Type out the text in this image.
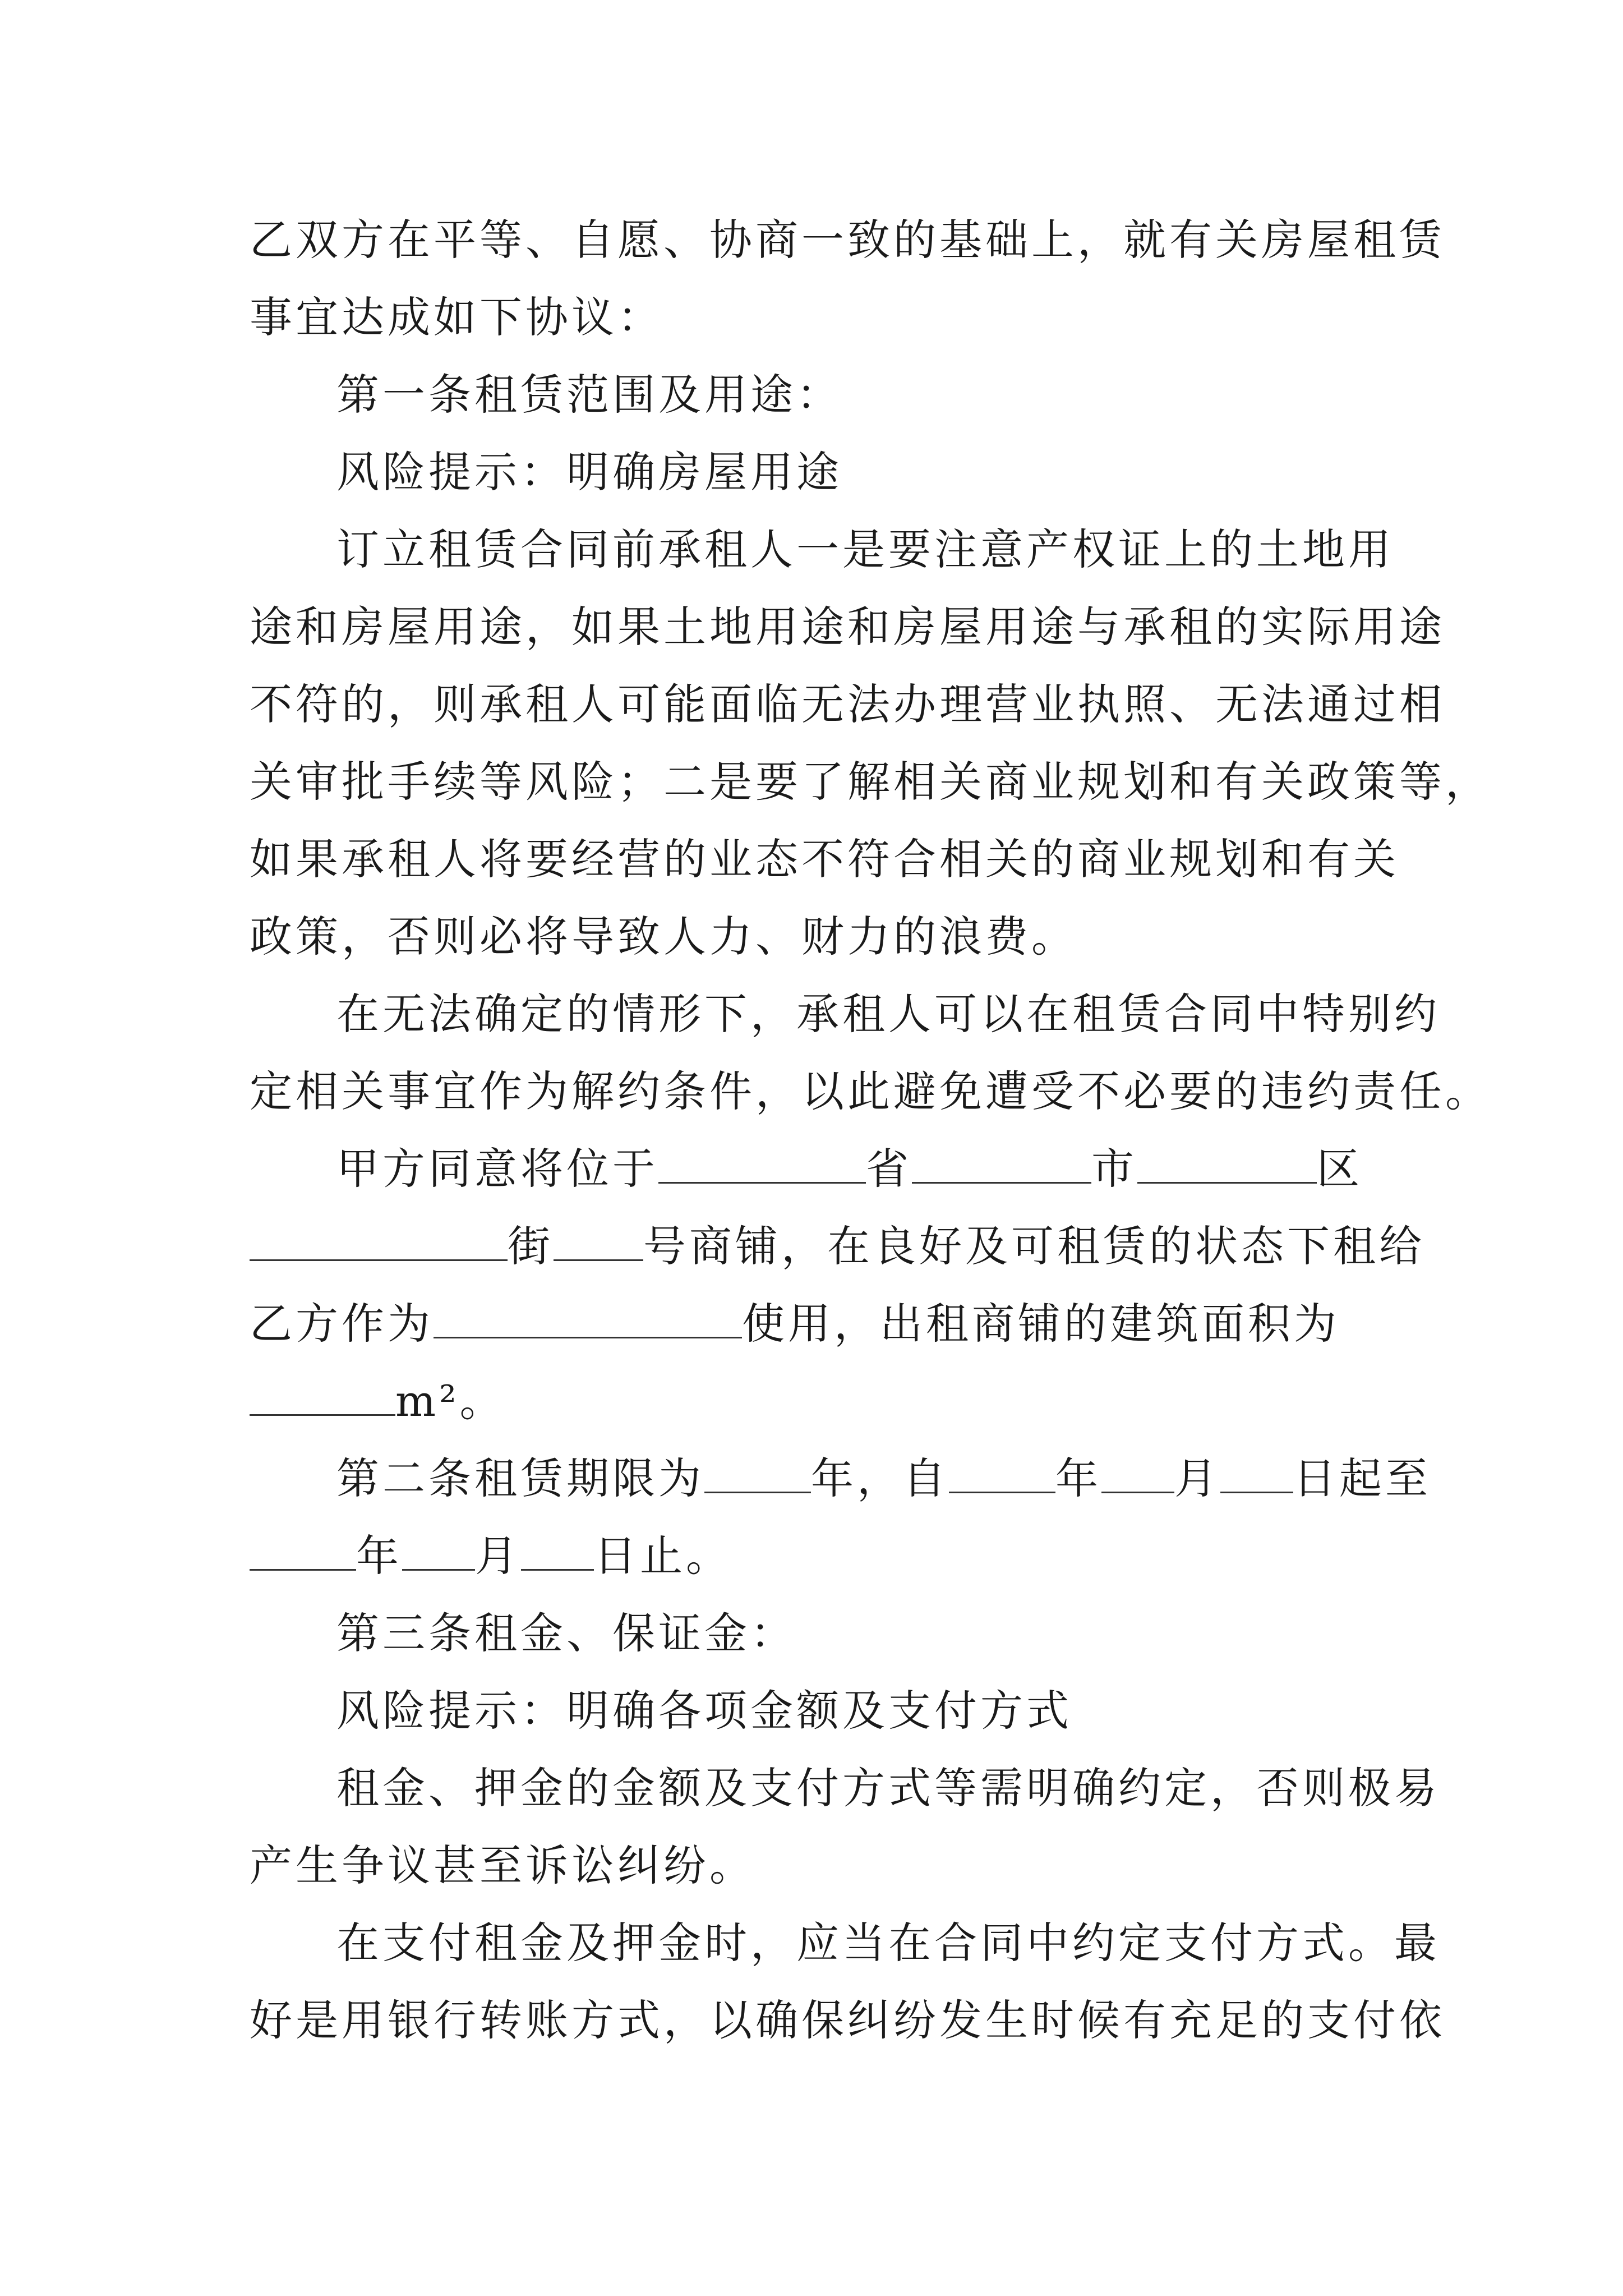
乙双方在平等、自愿、协商一致的基础上，就有关房屋租赁
事宜达成如下协议：
第一条租赁范围及用途：
风险提示：明确房屋用途
订立租赁合同前承租人一是要注意产权证上的土地用
途和房屋用途，如果土地用途和房屋用途与承租的实际用途
不符的，则承租人可能面临无法办理营业执照、无法通过相
关审批手续等风险；二是要了解相关商业规划和有关政策等，
如果承租人将要经营的业态不符合相关的商业规划和有关
政策，否则必将导致人力、财力的浪费。
在无法确定的情形下，承租人可以在租赁合同中特别约
定相关事宜作为解约条件，以此避免遭受不必要的违约责任。
甲方同意将位于	省	市	区
街 号商铺，在良好及可租赁的状态下租给
乙方作为	使用，出租商铺的建筑面积为
m²。
第二条租赁期限为	年，自	年 月 日起至
年 月 日止。
第三条租金、保证金：
风险提示：明确各项金额及支付方式
租金、押金的金额及支付方式等需明确约定，否则极易
产生争议甚至诉讼纠纷。
在支付租金及押金时，应当在合同中约定支付方式。最
好是用银行转账方式，以确保纠纷发生时候有充足的支付依
